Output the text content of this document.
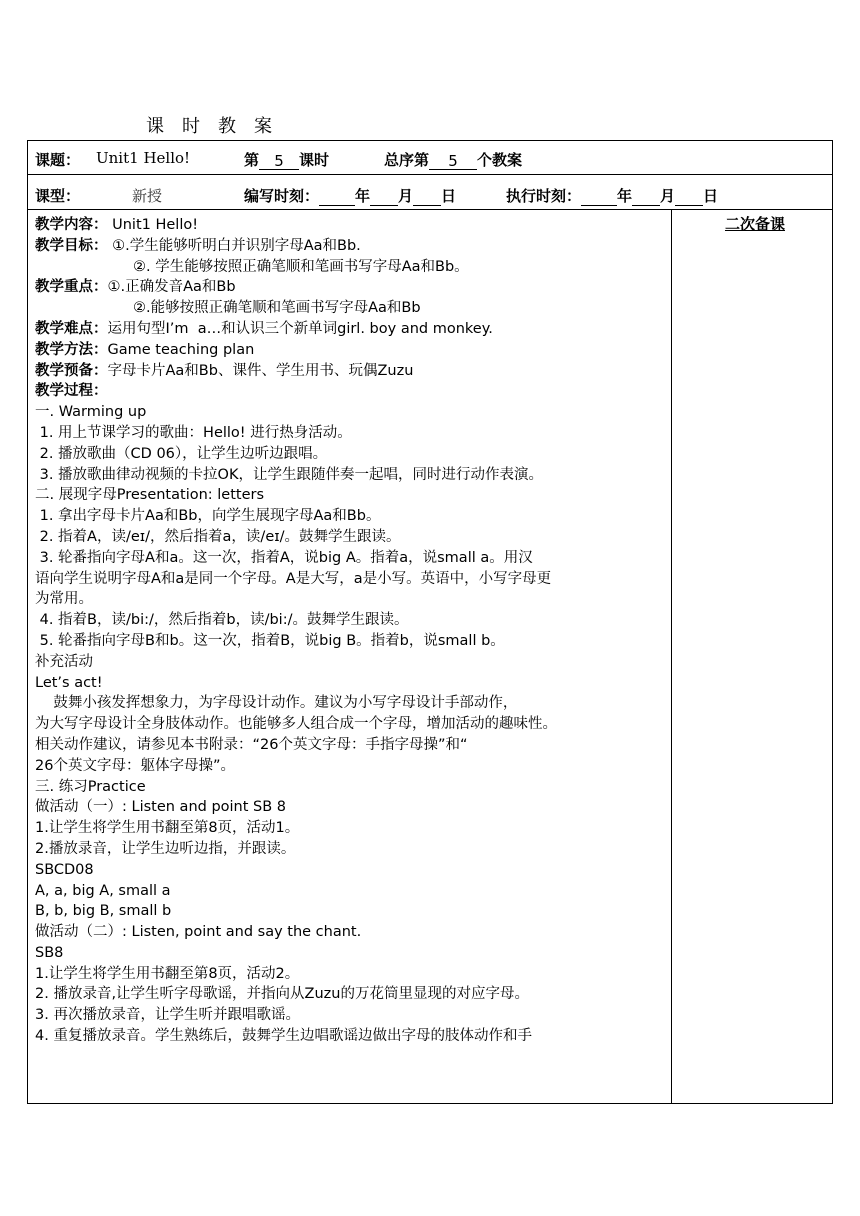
课 时 教 案
课题： Unit1 Hello!	第 5 课时	总序第 5 个教案
课型：	新授	编写时刻： 年 月 日	执行时刻： 年 月 日
二次备课
教学内容： Unit1 Hello!
教学目标： ①.学生能够听明白并识别字母Aa和Bb.
②. 学生能够按照正确笔顺和笔画书写字母Aa和Bb。
教学重点：①.正确发音Aa和Bb
②.能够按照正确笔顺和笔画书写字母Aa和Bb
教学难点：运用句型I’m  a…和认识三个新单词girl. boy and monkey.
教学方法：Game teaching plan
教学预备：字母卡片Aa和Bb、课件、学生用书、玩偶Zuzu
教学过程：
一. Warming up
1. 用上节课学习的歌曲：Hello! 进行热身活动。
2. 播放歌曲（CD 06），让学生边听边跟唱。
3. 播放歌曲律动视频的卡拉OK，让学生跟随伴奏一起唱，同时进行动作表演。
二. 展现字母Presentation: letters
1. 拿出字母卡片Aa和Bb，向学生展现字母Aa和Bb。
2. 指着A，读/eɪ/，然后指着a，读/eɪ/。鼓舞学生跟读。
3. 轮番指向字母A和a。这一次，指着A，说big A。指着a，说small a。用汉
语向学生说明字母A和a是同一个字母。A是大写，a是小写。英语中，小写字母更
为常用。
4. 指着B，读/bi:/，然后指着b，读/bi:/。鼓舞学生跟读。
5. 轮番指向字母B和b。这一次，指着B，说big B。指着b，说small b。
补充活动
Let’s act!
鼓舞小孩发挥想象力，为字母设计动作。建议为小写字母设计手部动作，
为大写字母设计全身肢体动作。也能够多人组合成一个字母，增加活动的趣味性。
相关动作建议，请参见本书附录：“26个英文字母：手指字母操”和“
26个英文字母：躯体字母操”。
三. 练习Practice
做活动（一）: Listen and point SB 8
1.让学生将学生用书翻至第8页，活动1。
2.播放录音，让学生边听边指，并跟读。
SBCD08
A, a, big A, small a
B, b, big B, small b
做活动（二）: Listen, point and say the chant.
SB8
1.让学生将学生用书翻至第8页，活动2。
2. 播放录音,让学生听字母歌谣，并指向从Zuzu的万花筒里显现的对应字母。
3. 再次播放录音，让学生听并跟唱歌谣。
4. 重复播放录音。学生熟练后，鼓舞学生边唱歌谣边做出字母的肢体动作和手
